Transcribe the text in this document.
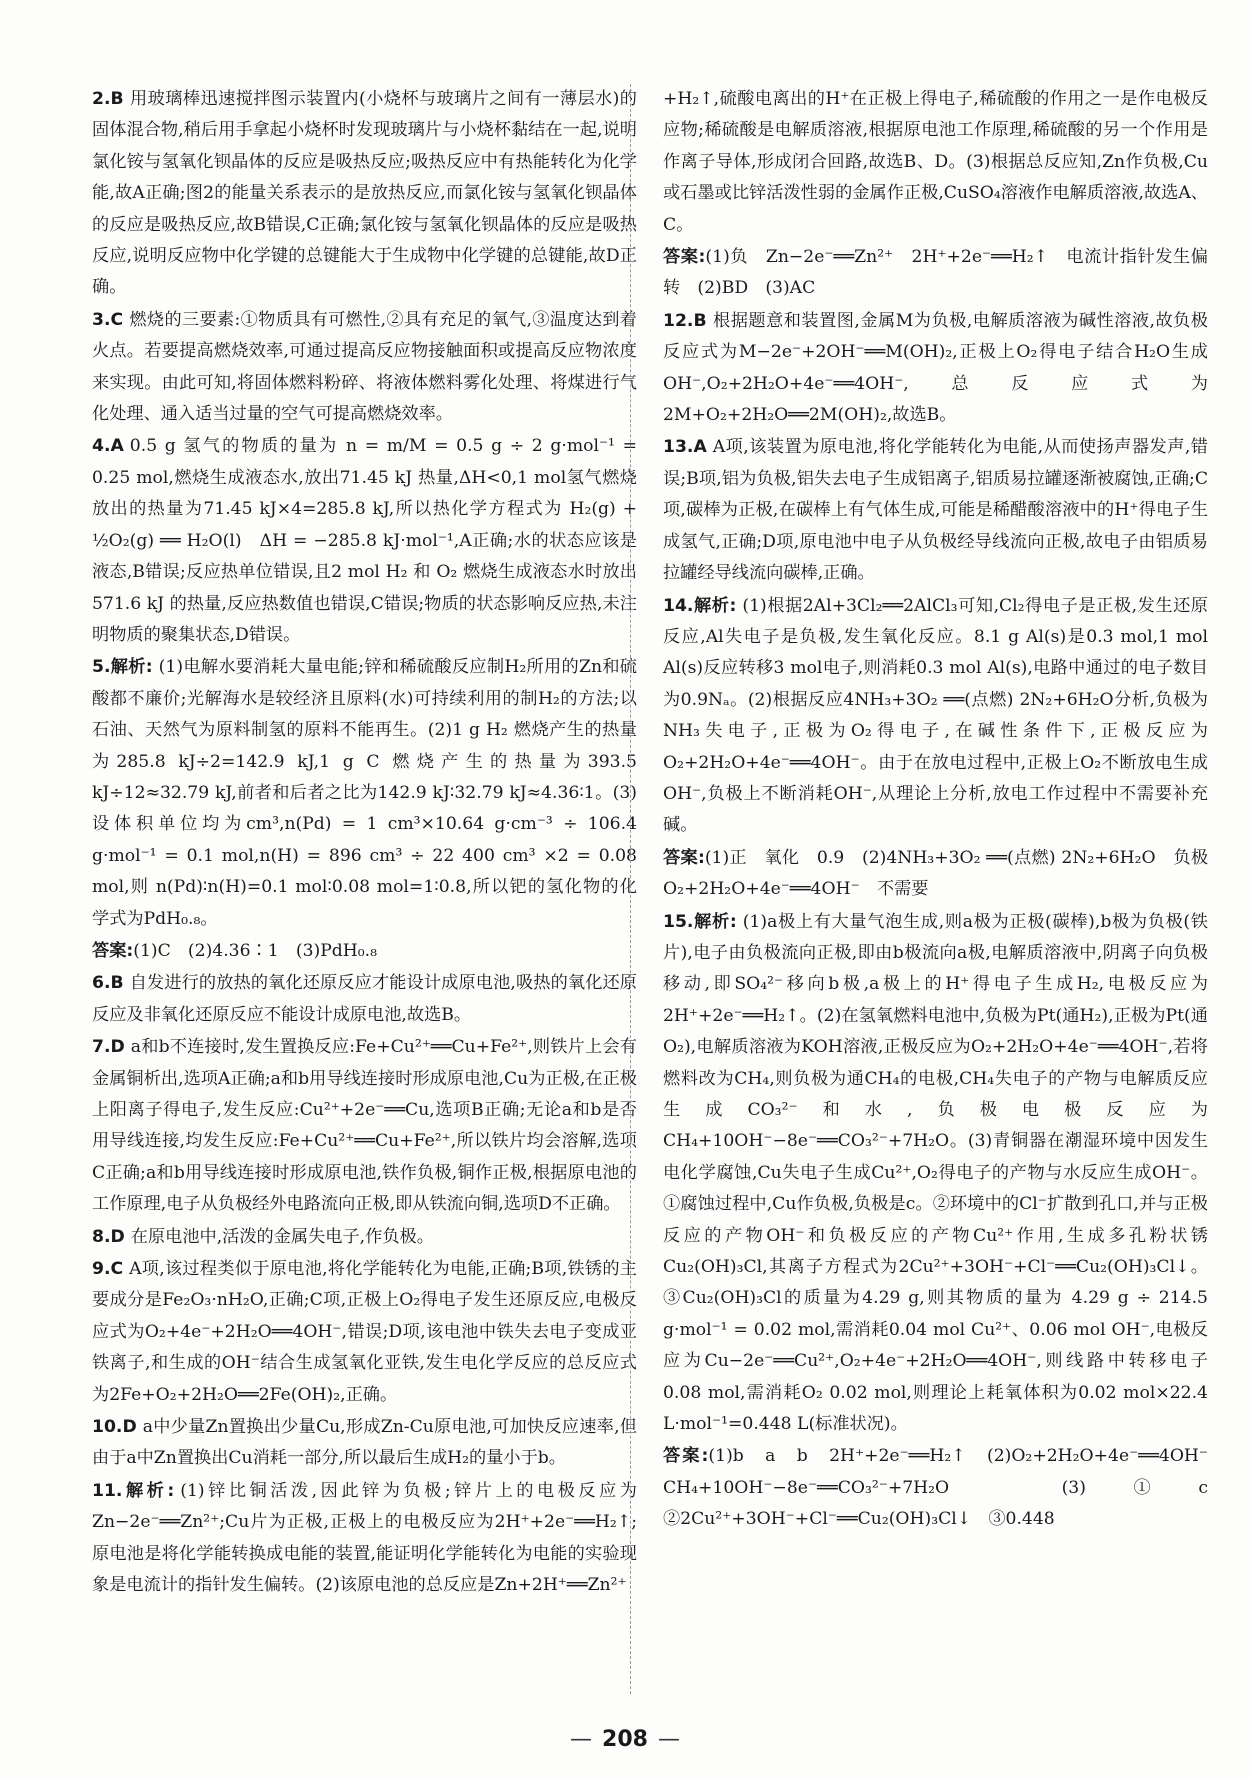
2.B 用玻璃棒迅速搅拌图示装置内(小烧杯与玻璃片之间有一薄层水)的固体混合物,稍后用手拿起小烧杯时发现玻璃片与小烧杯黏结在一起,说明氯化铵与氢氧化钡晶体的反应是吸热反应;吸热反应中有热能转化为化学能,故A正确;图2的能量关系表示的是放热反应,而氯化铵与氢氧化钡晶体的反应是吸热反应,故B错误,C正确;氯化铵与氢氧化钡晶体的反应是吸热反应,说明反应物中化学键的总键能大于生成物中化学键的总键能,故D正确。
3.C 燃烧的三要素:①物质具有可燃性,②具有充足的氧气,③温度达到着火点。若要提高燃烧效率,可通过提高反应物接触面积或提高反应物浓度来实现。由此可知,将固体燃料粉碎、将液体燃料雾化处理、将煤进行气化处理、通入适当过量的空气可提高燃烧效率。
4.A 0.5 g 氢气的物质的量为 n = m/M = 0.5 g ÷ 2 g·mol⁻¹ = 0.25 mol,燃烧生成液态水,放出71.45 kJ 热量,ΔH<0,1 mol氢气燃烧放出的热量为71.45 kJ×4=285.8 kJ,所以热化学方程式为 H₂(g) + ½O₂(g) ══ H₂O(l)　ΔH = −285.8 kJ·mol⁻¹,A正确;水的状态应该是液态,B错误;反应热单位错误,且2 mol H₂ 和 O₂ 燃烧生成液态水时放出571.6 kJ 的热量,反应热数值也错误,C错误;物质的状态影响反应热,未注明物质的聚集状态,D错误。
5.解析: (1)电解水要消耗大量电能;锌和稀硫酸反应制H₂所用的Zn和硫酸都不廉价;光解海水是较经济且原料(水)可持续利用的制H₂的方法;以石油、天然气为原料制氢的原料不能再生。(2)1 g H₂ 燃烧产生的热量为285.8 kJ÷2=142.9 kJ,1 g C 燃烧产生的热量为393.5 kJ÷12≈32.79 kJ,前者和后者之比为142.9 kJ∶32.79 kJ≈4.36∶1。(3)设体积单位均为cm³,n(Pd) = 1 cm³×10.64 g·cm⁻³ ÷ 106.4 g·mol⁻¹ = 0.1 mol,n(H) = 896 cm³ ÷ 22 400 cm³ ×2 = 0.08 mol,则 n(Pd)∶n(H)=0.1 mol∶0.08 mol=1∶0.8,所以钯的氢化物的化学式为PdH₀.₈。
答案:(1)C　(2)4.36∶1　(3)PdH₀.₈
6.B 自发进行的放热的氧化还原反应才能设计成原电池,吸热的氧化还原反应及非氧化还原反应不能设计成原电池,故选B。
7.D a和b不连接时,发生置换反应:Fe+Cu²⁺══Cu+Fe²⁺,则铁片上会有金属铜析出,选项A正确;a和b用导线连接时形成原电池,Cu为正极,在正极上阳离子得电子,发生反应:Cu²⁺+2e⁻══Cu,选项B正确;无论a和b是否用导线连接,均发生反应:Fe+Cu²⁺══Cu+Fe²⁺,所以铁片均会溶解,选项C正确;a和b用导线连接时形成原电池,铁作负极,铜作正极,根据原电池的工作原理,电子从负极经外电路流向正极,即从铁流向铜,选项D不正确。
8.D 在原电池中,活泼的金属失电子,作负极。
9.C A项,该过程类似于原电池,将化学能转化为电能,正确;B项,铁锈的主要成分是Fe₂O₃·nH₂O,正确;C项,正极上O₂得电子发生还原反应,电极反应式为O₂+4e⁻+2H₂O══4OH⁻,错误;D项,该电池中铁失去电子变成亚铁离子,和生成的OH⁻结合生成氢氧化亚铁,发生电化学反应的总反应式为2Fe+O₂+2H₂O══2Fe(OH)₂,正确。
10.D a中少量Zn置换出少量Cu,形成Zn-Cu原电池,可加快反应速率,但由于a中Zn置换出Cu消耗一部分,所以最后生成H₂的量小于b。
11.解析: (1)锌比铜活泼,因此锌为负极;锌片上的电极反应为Zn−2e⁻══Zn²⁺;Cu片为正极,正极上的电极反应为2H⁺+2e⁻══H₂↑;原电池是将化学能转换成电能的装置,能证明化学能转化为电能的实验现象是电流计的指针发生偏转。(2)该原电池的总反应是Zn+2H⁺══Zn²⁺
+H₂↑,硫酸电离出的H⁺在正极上得电子,稀硫酸的作用之一是作电极反应物;稀硫酸是电解质溶液,根据原电池工作原理,稀硫酸的另一个作用是作离子导体,形成闭合回路,故选B、D。(3)根据总反应知,Zn作负极,Cu或石墨或比锌活泼性弱的金属作正极,CuSO₄溶液作电解质溶液,故选A、C。
答案:(1)负　Zn−2e⁻══Zn²⁺　2H⁺+2e⁻══H₂↑　电流计指针发生偏转　(2)BD　(3)AC
12.B 根据题意和装置图,金属M为负极,电解质溶液为碱性溶液,故负极反应式为M−2e⁻+2OH⁻══M(OH)₂,正极上O₂得电子结合H₂O生成OH⁻,O₂+2H₂O+4e⁻══4OH⁻,总反应式为2M+O₂+2H₂O══2M(OH)₂,故选B。
13.A A项,该装置为原电池,将化学能转化为电能,从而使扬声器发声,错误;B项,铝为负极,铝失去电子生成铝离子,铝质易拉罐逐渐被腐蚀,正确;C项,碳棒为正极,在碳棒上有气体生成,可能是稀醋酸溶液中的H⁺得电子生成氢气,正确;D项,原电池中电子从负极经导线流向正极,故电子由铝质易拉罐经导线流向碳棒,正确。
14.解析: (1)根据2Al+3Cl₂══2AlCl₃可知,Cl₂得电子是正极,发生还原反应,Al失电子是负极,发生氧化反应。8.1 g Al(s)是0.3 mol,1 mol Al(s)反应转移3 mol电子,则消耗0.3 mol Al(s),电路中通过的电子数目为0.9Nₐ。(2)根据反应4NH₃+3O₂ ══(点燃) 2N₂+6H₂O分析,负极为NH₃失电子,正极为O₂得电子,在碱性条件下,正极反应为O₂+2H₂O+4e⁻══4OH⁻。由于在放电过程中,正极上O₂不断放电生成OH⁻,负极上不断消耗OH⁻,从理论上分析,放电工作过程中不需要补充碱。
答案:(1)正　氧化　0.9　(2)4NH₃+3O₂ ══(点燃) 2N₂+6H₂O　负极　O₂+2H₂O+4e⁻══4OH⁻　不需要
15.解析: (1)a极上有大量气泡生成,则a极为正极(碳棒),b极为负极(铁片),电子由负极流向正极,即由b极流向a极,电解质溶液中,阴离子向负极移动,即SO₄²⁻移向b极,a极上的H⁺得电子生成H₂,电极反应为2H⁺+2e⁻══H₂↑。(2)在氢氧燃料电池中,负极为Pt(通H₂),正极为Pt(通O₂),电解质溶液为KOH溶液,正极反应为O₂+2H₂O+4e⁻══4OH⁻,若将燃料改为CH₄,则负极为通CH₄的电极,CH₄失电子的产物与电解质反应生成CO₃²⁻和水,负极电极反应为CH₄+10OH⁻−8e⁻══CO₃²⁻+7H₂O。(3)青铜器在潮湿环境中因发生电化学腐蚀,Cu失电子生成Cu²⁺,O₂得电子的产物与水反应生成OH⁻。①腐蚀过程中,Cu作负极,负极是c。②环境中的Cl⁻扩散到孔口,并与正极反应的产物OH⁻和负极反应的产物Cu²⁺作用,生成多孔粉状锈Cu₂(OH)₃Cl,其离子方程式为2Cu²⁺+3OH⁻+Cl⁻══Cu₂(OH)₃Cl↓。③Cu₂(OH)₃Cl的质量为4.29 g,则其物质的量为 4.29 g ÷ 214.5 g·mol⁻¹ = 0.02 mol,需消耗0.04 mol Cu²⁺、0.06 mol OH⁻,电极反应为Cu−2e⁻══Cu²⁺,O₂+4e⁻+2H₂O══4OH⁻,则线路中转移电子0.08 mol,需消耗O₂ 0.02 mol,则理论上耗氧体积为0.02 mol×22.4 L·mol⁻¹=0.448 L(标准状况)。
答案:(1)b　a　b　2H⁺+2e⁻══H₂↑　(2)O₂+2H₂O+4e⁻══4OH⁻　CH₄+10OH⁻−8e⁻══CO₃²⁻+7H₂O　(3)①c　②2Cu²⁺+3OH⁻+Cl⁻══Cu₂(OH)₃Cl↓　③0.448
— 208 —
